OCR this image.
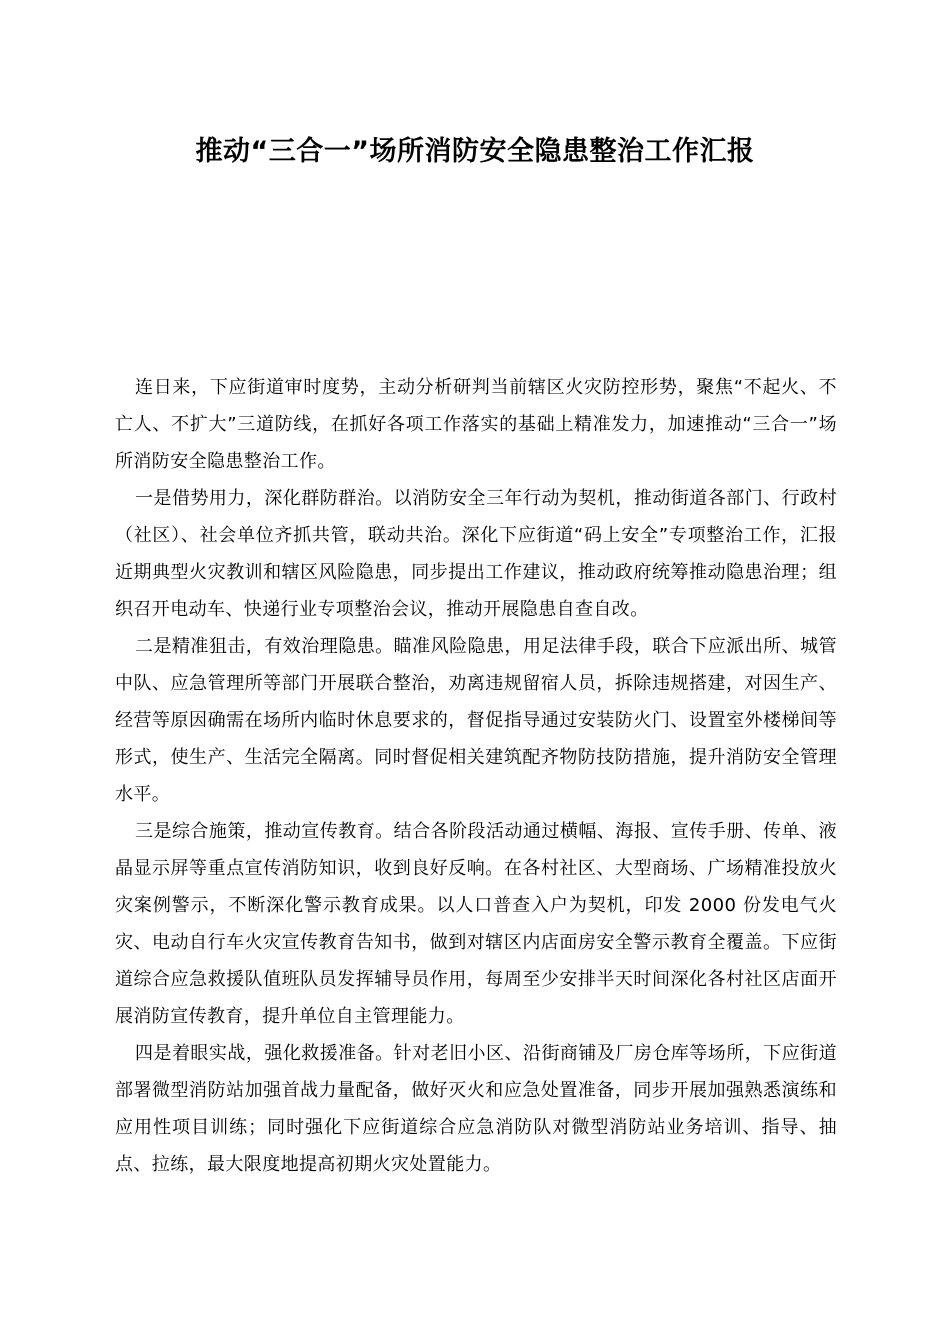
推动“三合一”场所消防安全隐患整治工作汇报

连日来，下应街道审时度势，主动分析研判当前辖区火灾防控形势，聚焦“不起火、不亡人、不扩大”三道防线，在抓好各项工作落实的基础上精准发力，加速推动“三合一”场所消防安全隐患整治工作。

一是借势用力，深化群防群治。以消防安全三年行动为契机，推动街道各部门、行政村（社区）、社会单位齐抓共管，联动共治。深化下应街道“码上安全”专项整治工作，汇报近期典型火灾教训和辖区风险隐患，同步提出工作建议，推动政府统筹推动隐患治理；组织召开电动车、快递行业专项整治会议，推动开展隐患自查自改。

二是精准狙击，有效治理隐患。瞄准风险隐患，用足法律手段，联合下应派出所、城管中队、应急管理所等部门开展联合整治，劝离违规留宿人员，拆除违规搭建，对因生产、经营等原因确需在场所内临时休息要求的，督促指导通过安装防火门、设置室外楼梯间等形式，使生产、生活完全隔离。同时督促相关建筑配齐物防技防措施，提升消防安全管理水平。

三是综合施策，推动宣传教育。结合各阶段活动通过横幅、海报、宣传手册、传单、液晶显示屏等重点宣传消防知识，收到良好反响。在各村社区、大型商场、广场精准投放火灾案例警示，不断深化警示教育成果。以人口普查入户为契机，印发 2000 份发电气火灾、电动自行车火灾宣传教育告知书，做到对辖区内店面房安全警示教育全覆盖。下应街道综合应急救援队值班队员发挥辅导员作用，每周至少安排半天时间深化各村社区店面开展消防宣传教育，提升单位自主管理能力。

四是着眼实战，强化救援准备。针对老旧小区、沿街商铺及厂房仓库等场所，下应街道部署微型消防站加强首战力量配备，做好灭火和应急处置准备，同步开展加强熟悉演练和应用性项目训练；同时强化下应街道综合应急消防队对微型消防站业务培训、指导、抽点、拉练，最大限度地提高初期火灾处置能力。
